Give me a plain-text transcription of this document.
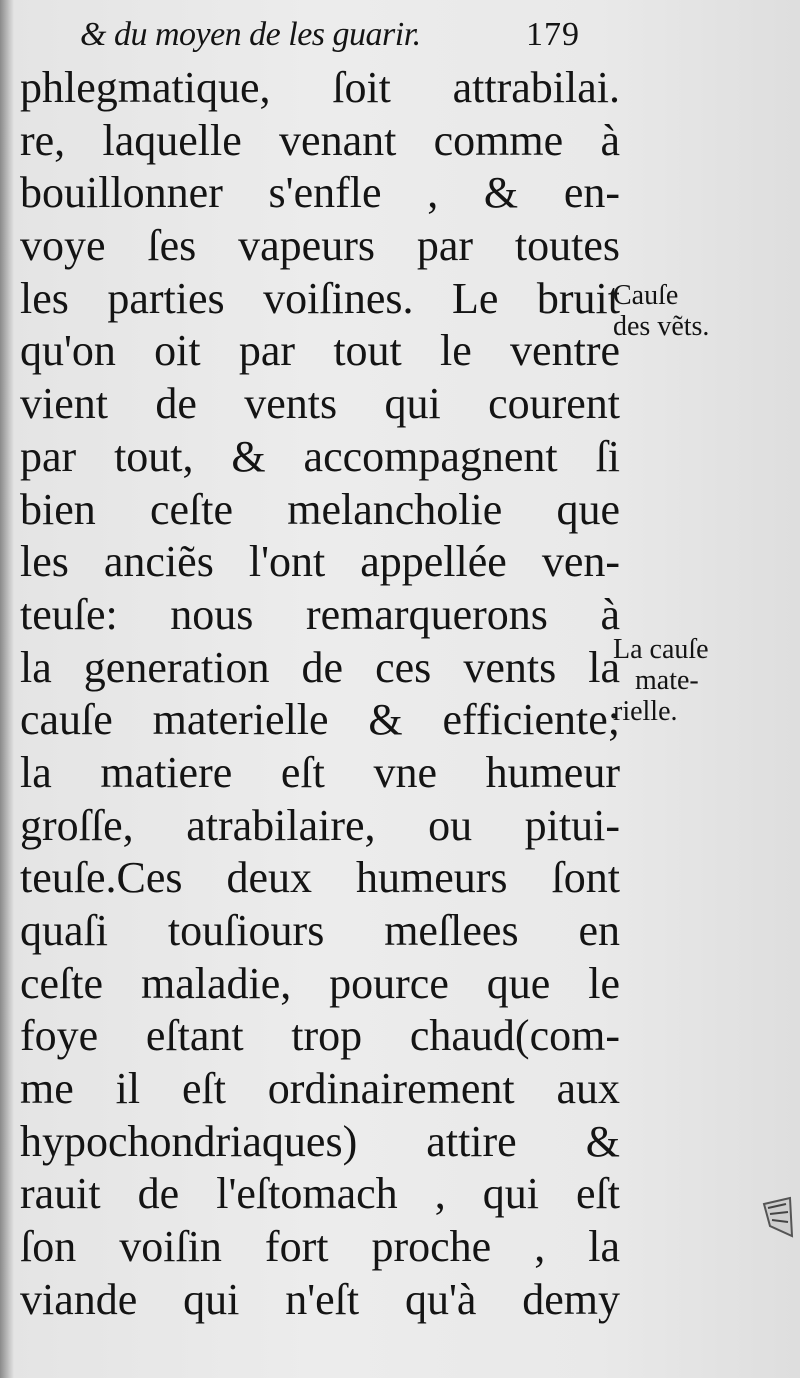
& du moyen de les guarir.	179
phlegmatique, ſoit attrabilai.
re, laquelle venant comme à
bouillonner s'enfle , & en-
voye ſes vapeurs par toutes
les parties voiſines. Le bruit
qu'on oit par tout le ventre
vient de vents qui courent
par tout, & accompagnent ſi
bien ceſte melancholie que
les anciẽs l'ont appellée ven-
teuſe: nous remarquerons à
la generation de ces vents la
cauſe materielle & efficiente;
la matiere eſt vne humeur
groſſe, atrabilaire, ou pitui-
teuſe.Ces deux humeurs ſont
quaſi touſiours meſlees en
ceſte maladie, pource que le
foye eſtant trop chaud(com-
me il eſt ordinairement aux
hypochondriaques) attire &
rauit de l'eſtomach , qui eſt
ſon voiſin fort proche , la
viande qui n'eſt qu'à demy
Cauſe
des vẽts.
La cauſe
mate-
rielle.
